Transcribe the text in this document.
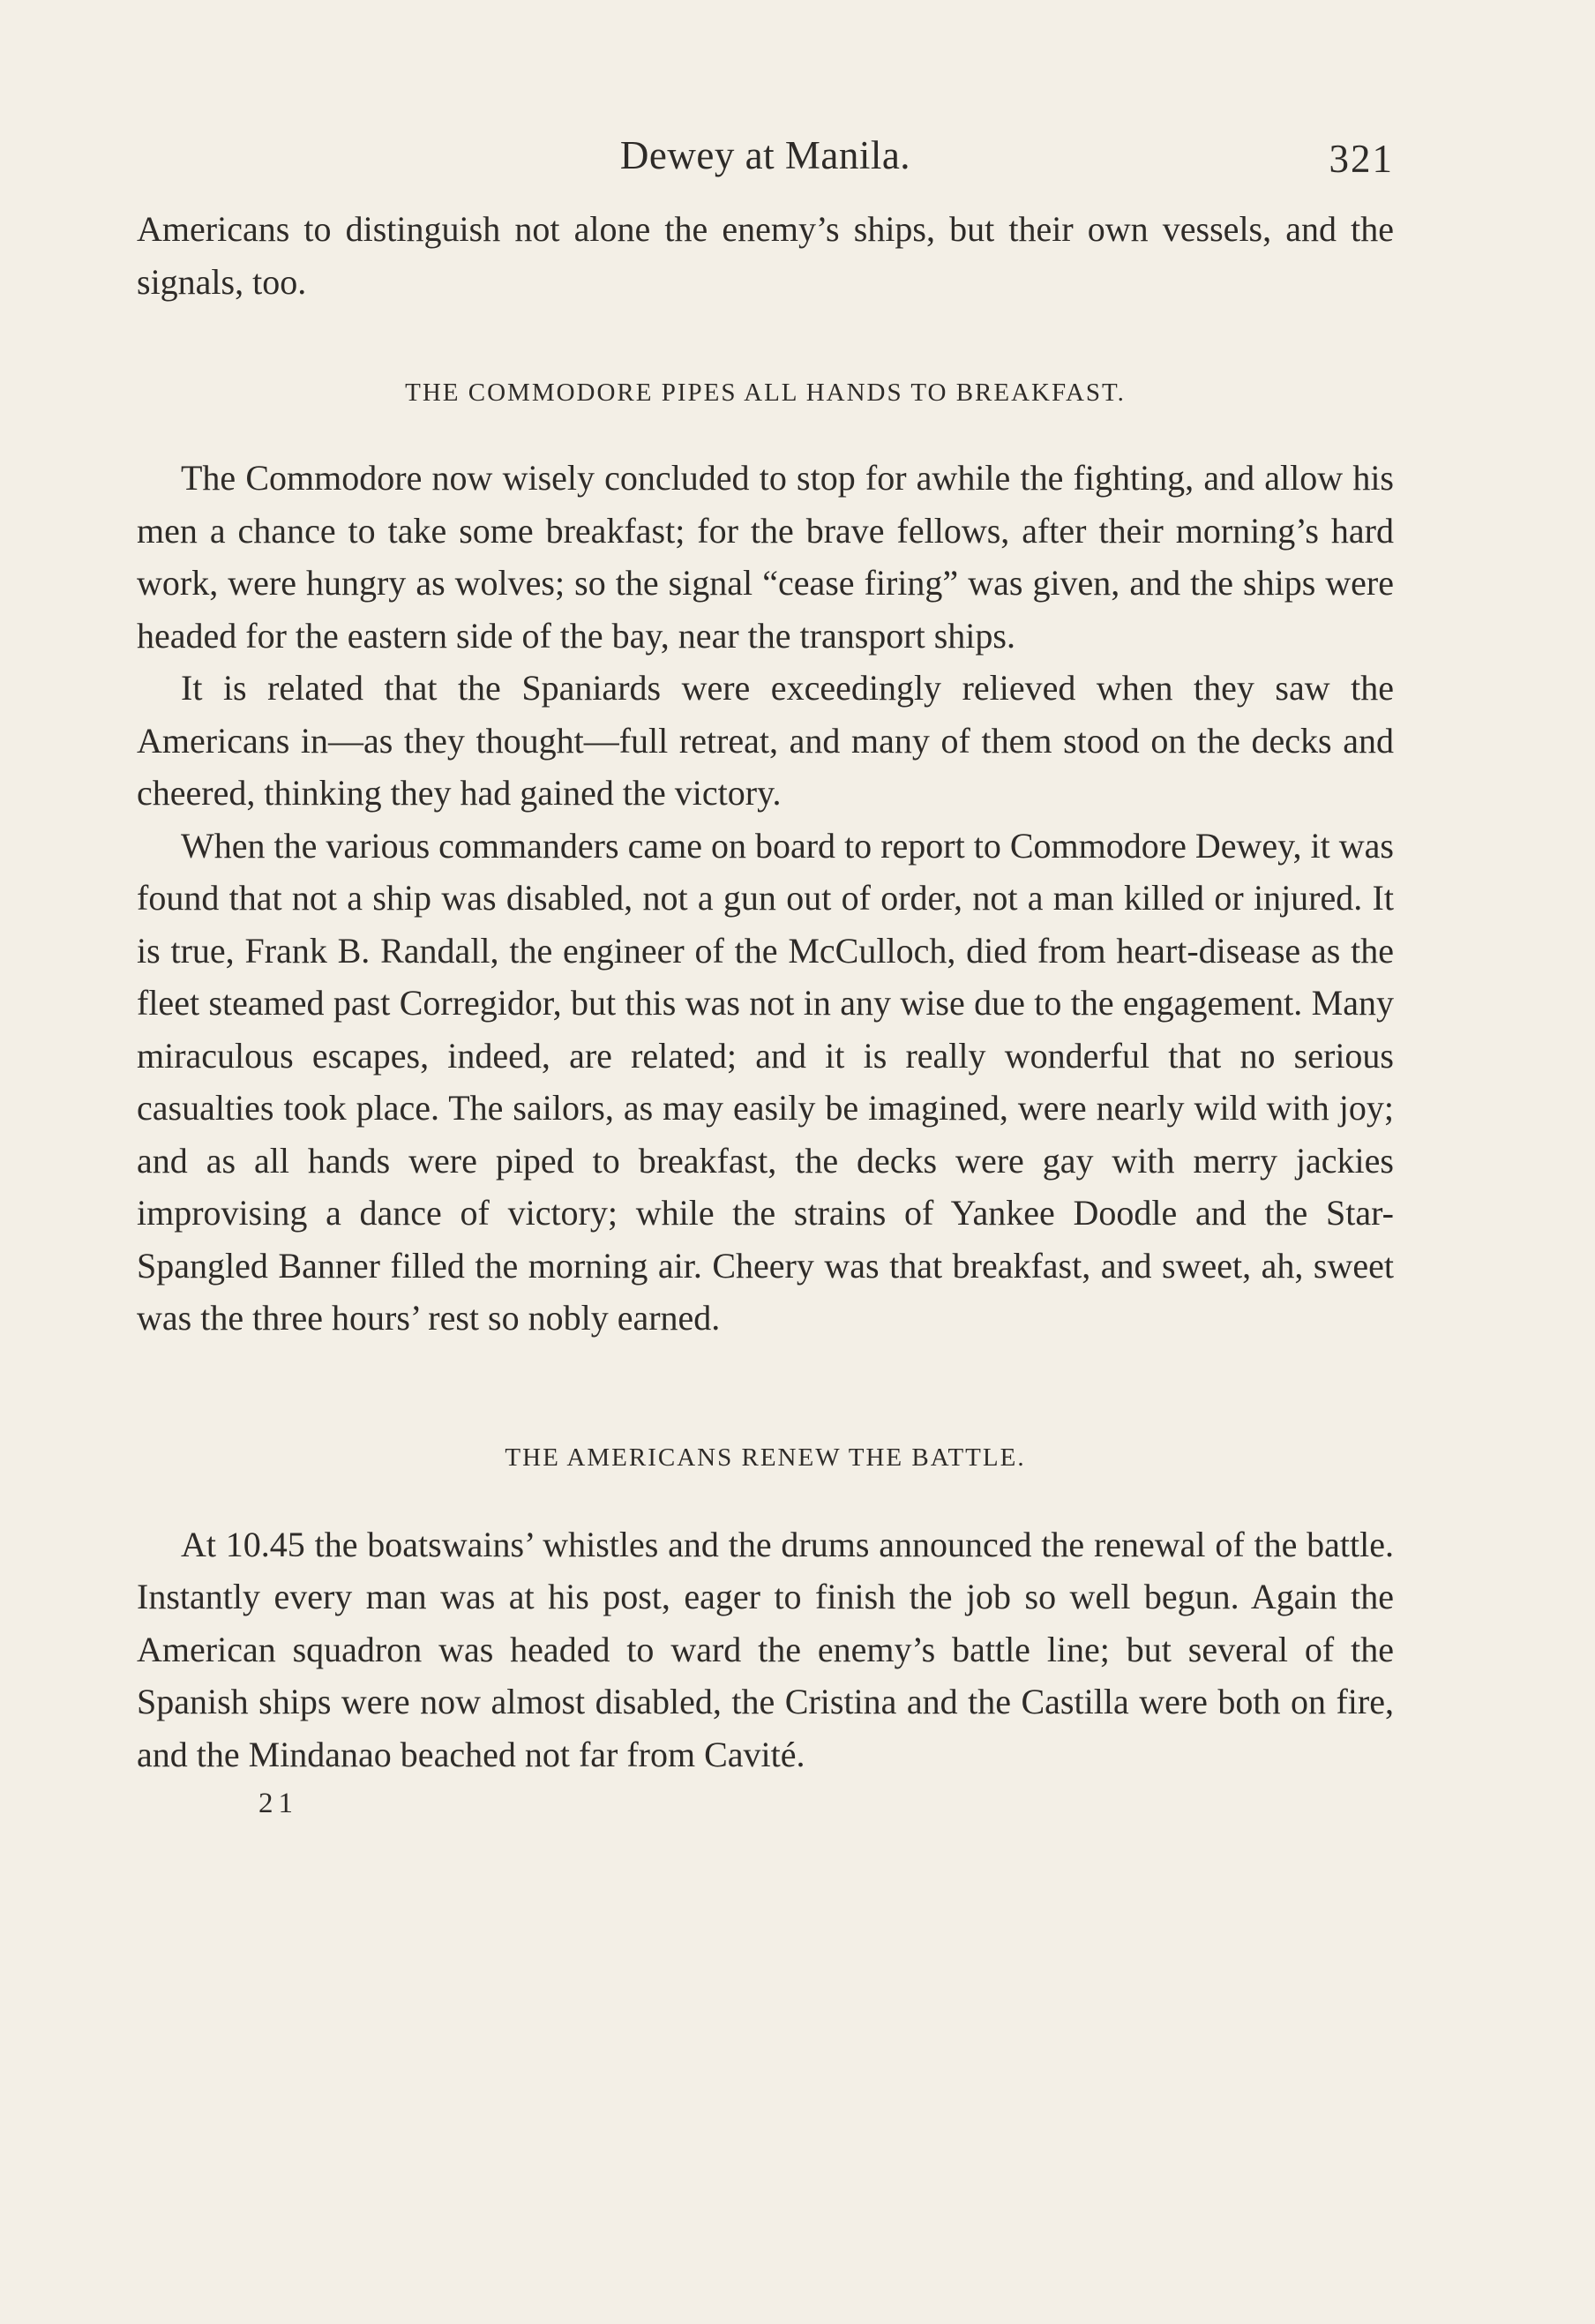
Dewey at Manila.	321

Americans to distinguish not alone the enemy’s ships, but their own vessels, and the signals, too.

THE COMMODORE PIPES ALL HANDS TO BREAKFAST.

The Commodore now wisely concluded to stop for awhile the fighting, and allow his men a chance to take some breakfast; for the brave fellows, after their morning’s hard work, were hungry as wolves; so the signal “cease firing” was given, and the ships were headed for the eastern side of the bay, near the transport ships.

It is related that the Spaniards were exceedingly relieved when they saw the Americans in—as they thought—full retreat, and many of them stood on the decks and cheered, thinking they had gained the victory.

When the various commanders came on board to report to Commodore Dewey, it was found that not a ship was disabled, not a gun out of order, not a man killed or injured. It is true, Frank B. Randall, the engineer of the McCulloch, died from heart-disease as the fleet steamed past Corregidor, but this was not in any wise due to the engagement. Many miraculous escapes, indeed, are related; and it is really wonderful that no serious casualties took place. The sailors, as may easily be imagined, were nearly wild with joy; and as all hands were piped to breakfast, the decks were gay with merry jackies improvising a dance of victory; while the strains of Yankee Doodle and the Star-Spangled Banner filled the morning air. Cheery was that breakfast, and sweet, ah, sweet was the three hours’ rest so nobly earned.

THE AMERICANS RENEW THE BATTLE.

At 10.45 the boatswains’ whistles and the drums announced the renewal of the battle. Instantly every man was at his post, eager to finish the job so well begun. Again the American squadron was headed to ward the enemy’s battle line; but several of the Spanish ships were now almost disabled, the Cristina and the Castilla were both on fire, and the Mindanao beached not far from Cavité.

21
